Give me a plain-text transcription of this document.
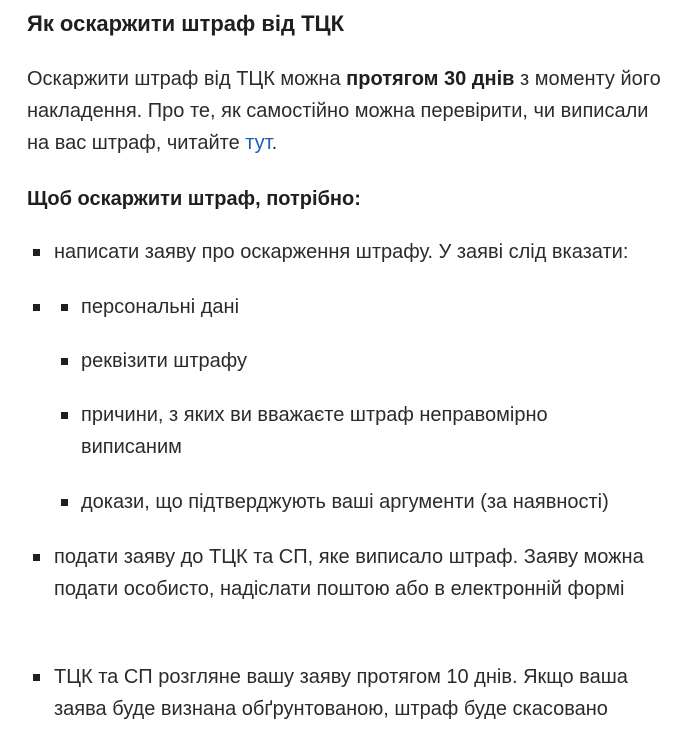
Як оскаржити штраф від ТЦК

Оскаржити штраф від ТЦК можна протягом 30 днів з моменту його накладення. Про те, як самостійно можна перевірити, чи виписали на вас штраф, читайте тут.

Щоб оскаржити штраф, потрібно:

написати заяву про оскарження штрафу. У заяві слід вказати:

персональні дані

реквізити штрафу

причини, з яких ви вважаєте штраф неправомірно виписаним

докази, що підтверджують ваші аргументи (за наявності)

подати заяву до ТЦК та СП, яке виписало штраф. Заяву можна подати особисто, надіслати поштою або в електронній формі

ТЦК та СП розгляне вашу заяву протягом 10 днів. Якщо ваша заява буде визнана обґрунтованою, штраф буде скасовано
